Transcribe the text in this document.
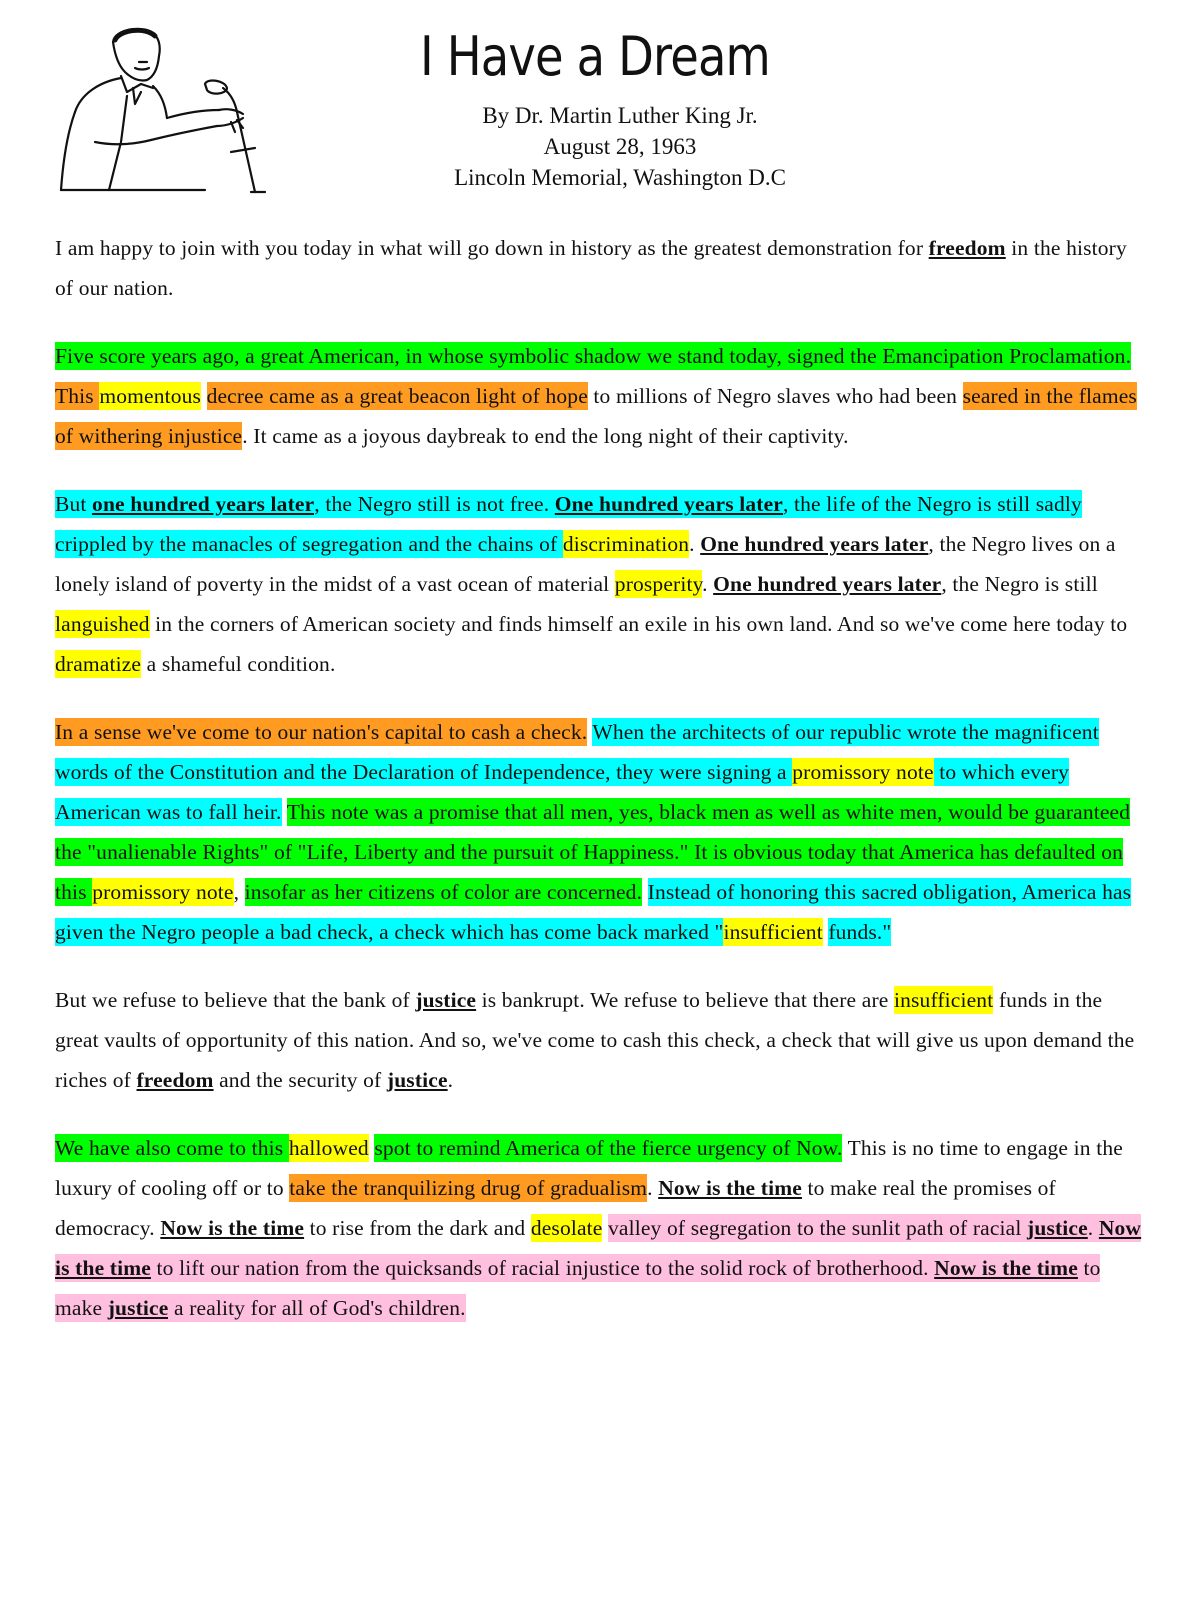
I Have a Dream
By Dr. Martin Luther King Jr.
August 28, 1963
Lincoln Memorial, Washington D.C

I am happy to join with you today in what will go down in history as the greatest demonstration for freedom in the history of our nation.

Five score years ago, a great American, in whose symbolic shadow we stand today, signed the Emancipation Proclamation. This momentous decree came as a great beacon light of hope to millions of Negro slaves who had been seared in the flames of withering injustice. It came as a joyous daybreak to end the long night of their captivity.

But one hundred years later, the Negro still is not free. One hundred years later, the life of the Negro is still sadly crippled by the manacles of segregation and the chains of discrimination. One hundred years later, the Negro lives on a lonely island of poverty in the midst of a vast ocean of material prosperity. One hundred years later, the Negro is still languished in the corners of American society and finds himself an exile in his own land. And so we've come here today to dramatize a shameful condition.

In a sense we've come to our nation's capital to cash a check. When the architects of our republic wrote the magnificent words of the Constitution and the Declaration of Independence, they were signing a promissory note to which every American was to fall heir. This note was a promise that all men, yes, black men as well as white men, would be guaranteed the "unalienable Rights" of "Life, Liberty and the pursuit of Happiness." It is obvious today that America has defaulted on this promissory note, insofar as her citizens of color are concerned. Instead of honoring this sacred obligation, America has given the Negro people a bad check, a check which has come back marked "insufficient funds."

But we refuse to believe that the bank of justice is bankrupt. We refuse to believe that there are insufficient funds in the great vaults of opportunity of this nation. And so, we've come to cash this check, a check that will give us upon demand the riches of freedom and the security of justice.

We have also come to this hallowed spot to remind America of the fierce urgency of Now. This is no time to engage in the luxury of cooling off or to take the tranquilizing drug of gradualism. Now is the time to make real the promises of democracy. Now is the time to rise from the dark and desolate valley of segregation to the sunlit path of racial justice. Now is the time to lift our nation from the quicksands of racial injustice to the solid rock of brotherhood. Now is the time to make justice a reality for all of God's children.
